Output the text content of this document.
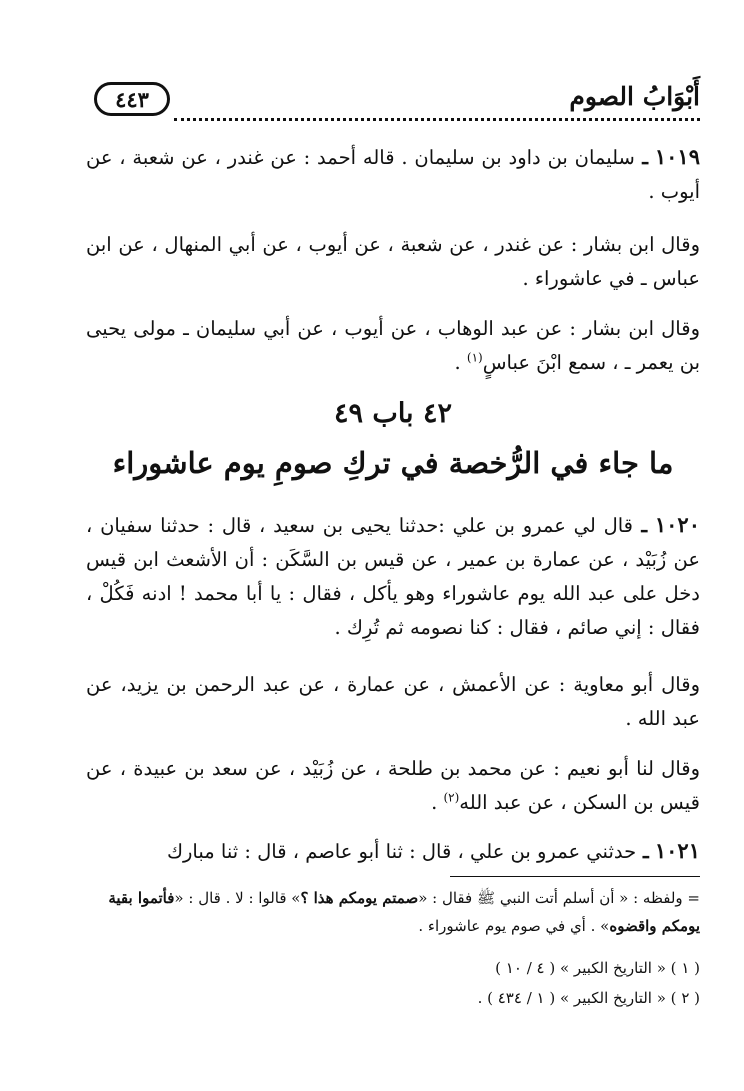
أَبْوَابُ الصوم
٤٤٣
١٠١٩ ـ سليمان بن داود بن سليمان . قاله أحمد : عن غندر ، عن شعبة ، عن أيوب .
وقال ابن بشار : عن غندر ، عن شعبة ، عن أيوب ، عن أبي المنهال ، عن ابن عباس ـ في عاشوراء .
وقال ابن بشار : عن عبد الوهاب ، عن أيوب ، عن أبي سليمان ـ مولى يحيى بن يعمر ـ ، سمع ابْنَ عباسٍ$^{(١)}$ .
٤٢ باب ٤٩
ما جاء في الرُّخصة في تركِ صومِ يوم عاشوراء
١٠٢٠ ـ قال لي عمرو بن علي :حدثنا يحيى بن سعيد ، قال : حدثنا سفيان ، عن زُبَيْد ، عن عمارة بن عمير ، عن قيس بن السَّكَن : أن الأشعث ابن قيس دخل على عبد الله يوم عاشوراء وهو يأكل ، فقال : يا أبا محمد ! ادنه فَكُلْ ، فقال : إني صائم ، فقال : كنا نصومه ثم تُرِك .
وقال أبو معاوية : عن الأعمش ، عن عمارة ، عن عبد الرحمن بن يزيد، عن عبد الله .
وقال لنا أبو نعيم : عن محمد بن طلحة ، عن زُبَيْد ، عن سعد بن عبيدة ، عن قيس بن السكن ، عن عبد الله$^{(٢)}$ .
١٠٢١ ـ حدثني عمرو بن علي ، قال : ثنا أبو عاصم ، قال : ثنا مبارك
= ولفظه : « أن أسلم أتت النبي ﷺ فقال : «صمتم يومكم هذا ؟» قالوا : لا . قال : «فأتموا بقية يومكم واقضوه» . أي في صوم يوم عاشوراء .
( ١ ) « التاريخ الكبير » ( ٤ / ١٠ )
( ٢ ) « التاريخ الكبير » ( ١ / ٤٣٤ ) .
